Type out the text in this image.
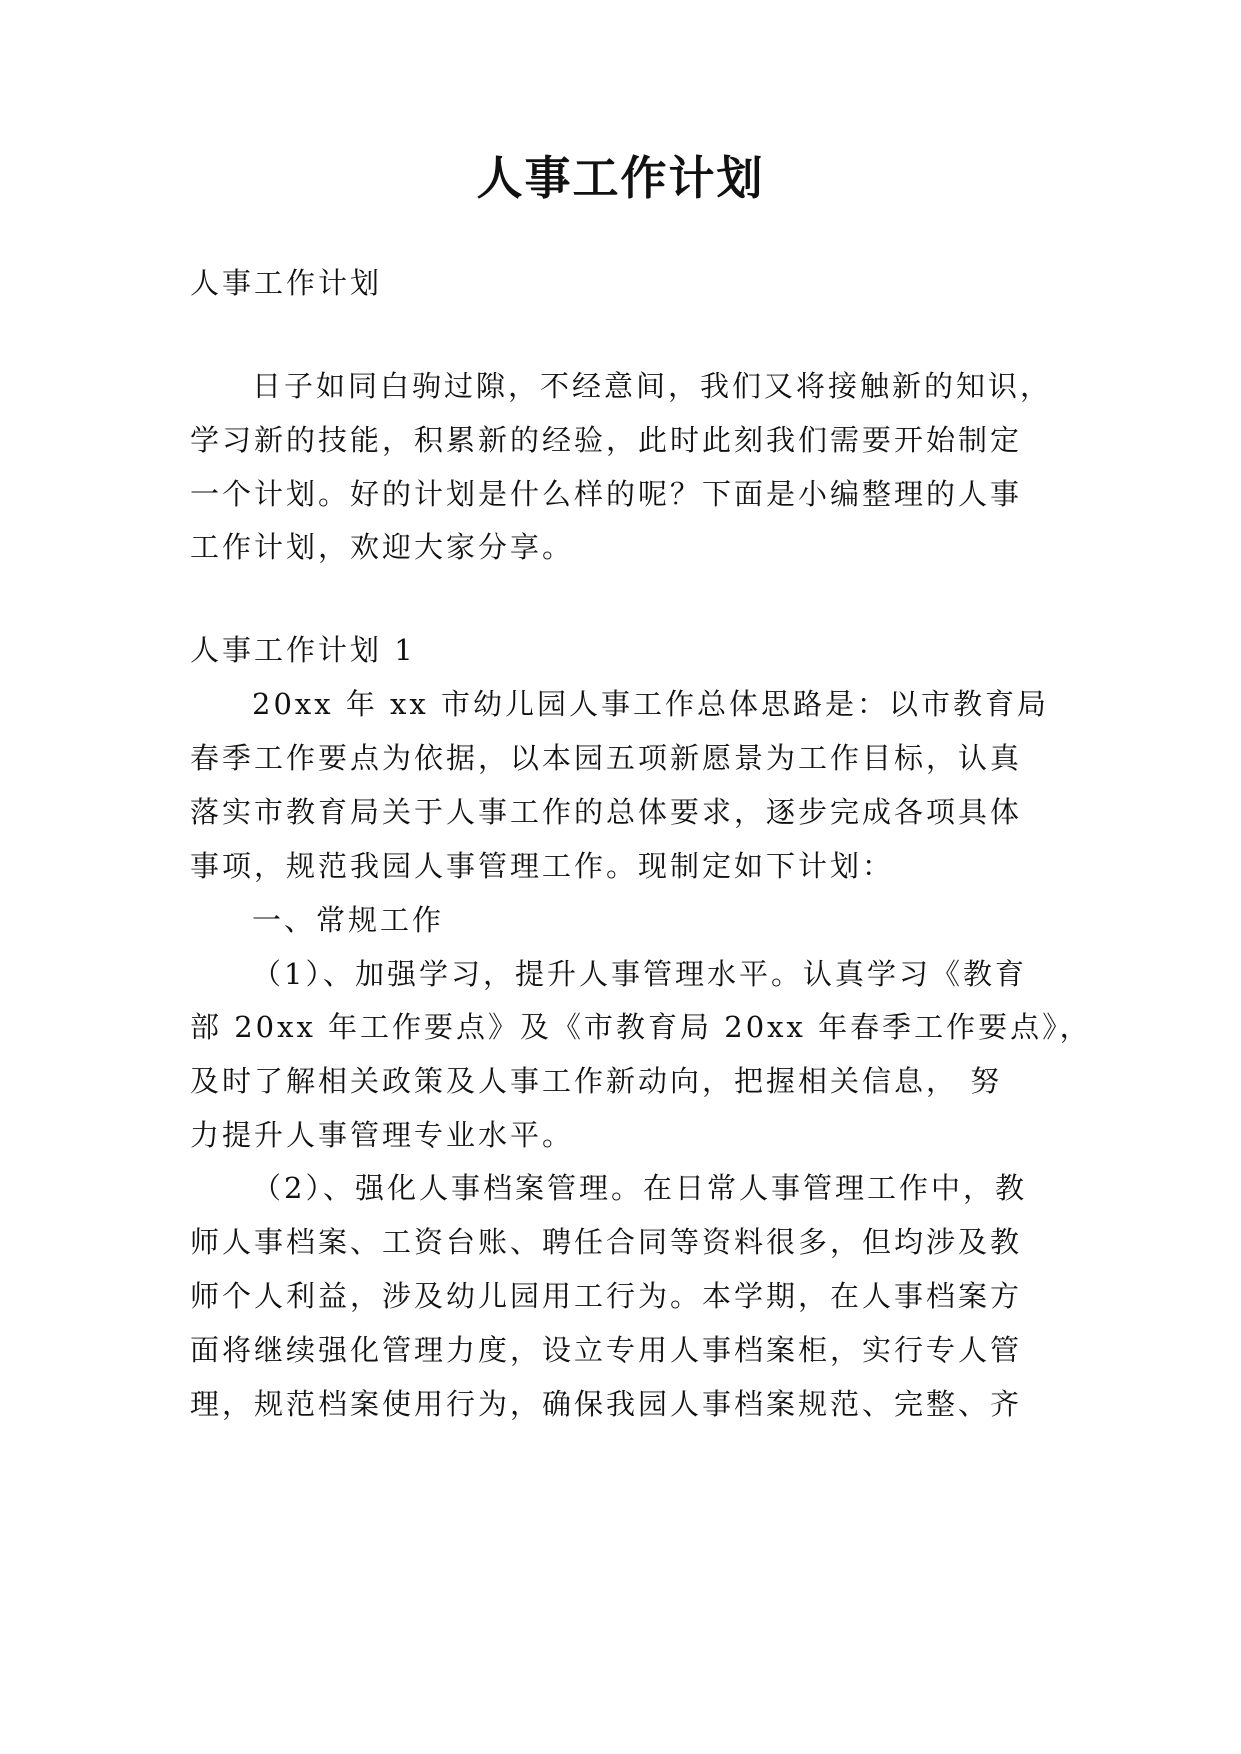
人事工作计划
人事工作计划
日子如同白驹过隙，不经意间，我们又将接触新的知识，
学习新的技能，积累新的经验，此时此刻我们需要开始制定
一个计划。好的计划是什么样的呢？下面是小编整理的人事
工作计划，欢迎大家分享。
人事工作计划 1
20xx 年 xx 市幼儿园人事工作总体思路是：以市教育局
春季工作要点为依据，以本园五项新愿景为工作目标，认真
落实市教育局关于人事工作的总体要求，逐步完成各项具体
事项，规范我园人事管理工作。现制定如下计划：
一、常规工作
（1）、加强学习，提升人事管理水平。认真学习《教育
部 20xx 年工作要点》及《市教育局 20xx 年春季工作要点》，
及时了解相关政策及人事工作新动向，把握相关信息， 努
力提升人事管理专业水平。
（2）、强化人事档案管理。在日常人事管理工作中，教
师人事档案、工资台账、聘任合同等资料很多，但均涉及教
师个人利益，涉及幼儿园用工行为。本学期，在人事档案方
面将继续强化管理力度，设立专用人事档案柜，实行专人管
理，规范档案使用行为，确保我园人事档案规范、完整、齐
